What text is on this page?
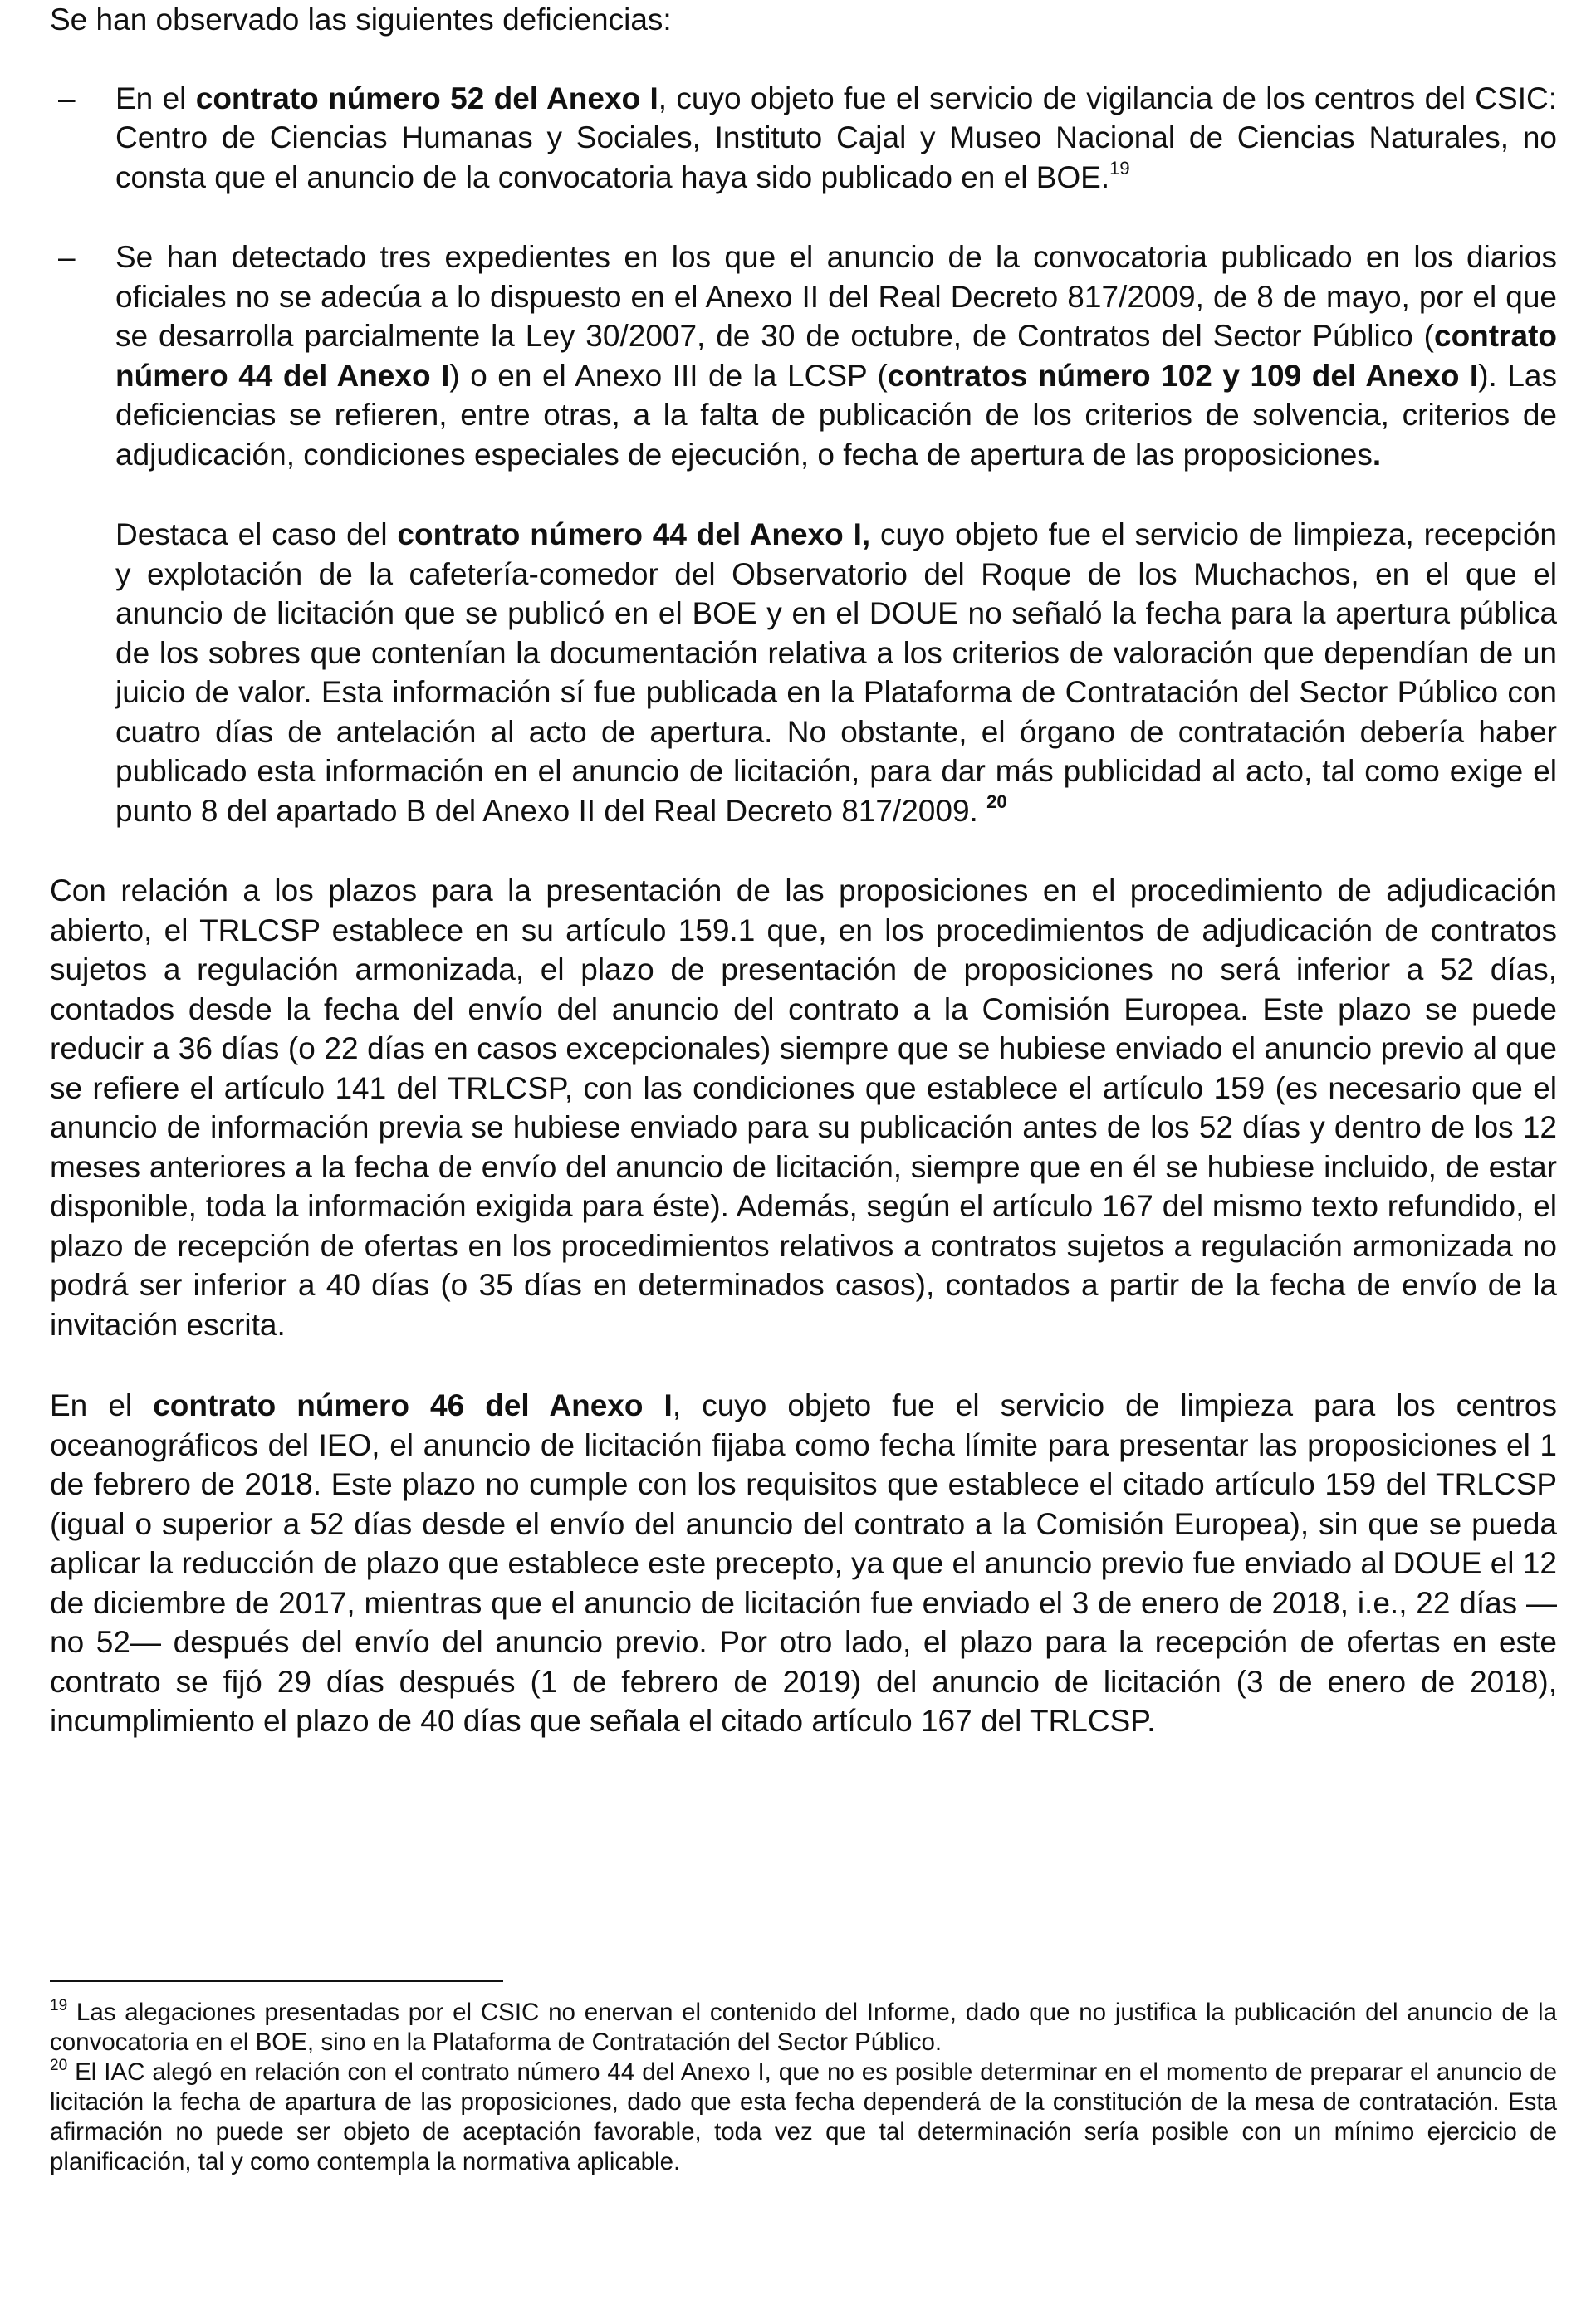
Se han observado las siguientes deficiencias:

– En el contrato número 52 del Anexo I, cuyo objeto fue el servicio de vigilancia de los centros del CSIC: Centro de Ciencias Humanas y Sociales, Instituto Cajal y Museo Nacional de Ciencias Naturales, no consta que el anuncio de la convocatoria haya sido publicado en el BOE.$^{19}$

– Se han detectado tres expedientes en los que el anuncio de la convocatoria publicado en los diarios oficiales no se adecúa a lo dispuesto en el Anexo II del Real Decreto 817/2009, de 8 de mayo, por el que se desarrolla parcialmente la Ley 30/2007, de 30 de octubre, de Contratos del Sector Público (contrato número 44 del Anexo I) o en el Anexo III de la LCSP (contratos número 102 y 109 del Anexo I). Las deficiencias se refieren, entre otras, a la falta de publicación de los criterios de solvencia, criterios de adjudicación, condiciones especiales de ejecución, o fecha de apertura de las proposiciones.

Destaca el caso del contrato número 44 del Anexo I, cuyo objeto fue el servicio de limpieza, recepción y explotación de la cafetería-comedor del Observatorio del Roque de los Muchachos, en el que el anuncio de licitación que se publicó en el BOE y en el DOUE no señaló la fecha para la apertura pública de los sobres que contenían la documentación relativa a los criterios de valoración que dependían de un juicio de valor. Esta información sí fue publicada en la Plataforma de Contratación del Sector Público con cuatro días de antelación al acto de apertura. No obstante, el órgano de contratación debería haber publicado esta información en el anuncio de licitación, para dar más publicidad al acto, tal como exige el punto 8 del apartado B del Anexo II del Real Decreto 817/2009. $^{20}$

Con relación a los plazos para la presentación de las proposiciones en el procedimiento de adjudicación abierto, el TRLCSP establece en su artículo 159.1 que, en los procedimientos de adjudicación de contratos sujetos a regulación armonizada, el plazo de presentación de proposiciones no será inferior a 52 días, contados desde la fecha del envío del anuncio del contrato a la Comisión Europea. Este plazo se puede reducir a 36 días (o 22 días en casos excepcionales) siempre que se hubiese enviado el anuncio previo al que se refiere el artículo 141 del TRLCSP, con las condiciones que establece el artículo 159 (es necesario que el anuncio de información previa se hubiese enviado para su publicación antes de los 52 días y dentro de los 12 meses anteriores a la fecha de envío del anuncio de licitación, siempre que en él se hubiese incluido, de estar disponible, toda la información exigida para éste). Además, según el artículo 167 del mismo texto refundido, el plazo de recepción de ofertas en los procedimientos relativos a contratos sujetos a regulación armonizada no podrá ser inferior a 40 días (o 35 días en determinados casos), contados a partir de la fecha de envío de la invitación escrita.

En el contrato número 46 del Anexo I, cuyo objeto fue el servicio de limpieza para los centros oceanográficos del IEO, el anuncio de licitación fijaba como fecha límite para presentar las proposiciones el 1 de febrero de 2018. Este plazo no cumple con los requisitos que establece el citado artículo 159 del TRLCSP (igual o superior a 52 días desde el envío del anuncio del contrato a la Comisión Europea), sin que se pueda aplicar la reducción de plazo que establece este precepto, ya que el anuncio previo fue enviado al DOUE el 12 de diciembre de 2017, mientras que el anuncio de licitación fue enviado el 3 de enero de 2018, i.e., 22 días —no 52— después del envío del anuncio previo. Por otro lado, el plazo para la recepción de ofertas en este contrato se fijó 29 días después (1 de febrero de 2019) del anuncio de licitación (3 de enero de 2018), incumplimiento el plazo de 40 días que señala el citado artículo 167 del TRLCSP.

$^{19}$ Las alegaciones presentadas por el CSIC no enervan el contenido del Informe, dado que no justifica la publicación del anuncio de la convocatoria en el BOE, sino en la Plataforma de Contratación del Sector Público.

$^{20}$ El IAC alegó en relación con el contrato número 44 del Anexo I, que no es posible determinar en el momento de preparar el anuncio de licitación la fecha de apartura de las proposiciones, dado que esta fecha dependerá de la constitución de la mesa de contratación. Esta afirmación no puede ser objeto de aceptación favorable, toda vez que tal determinación sería posible con un mínimo ejercicio de planificación, tal y como contempla la normativa aplicable.
